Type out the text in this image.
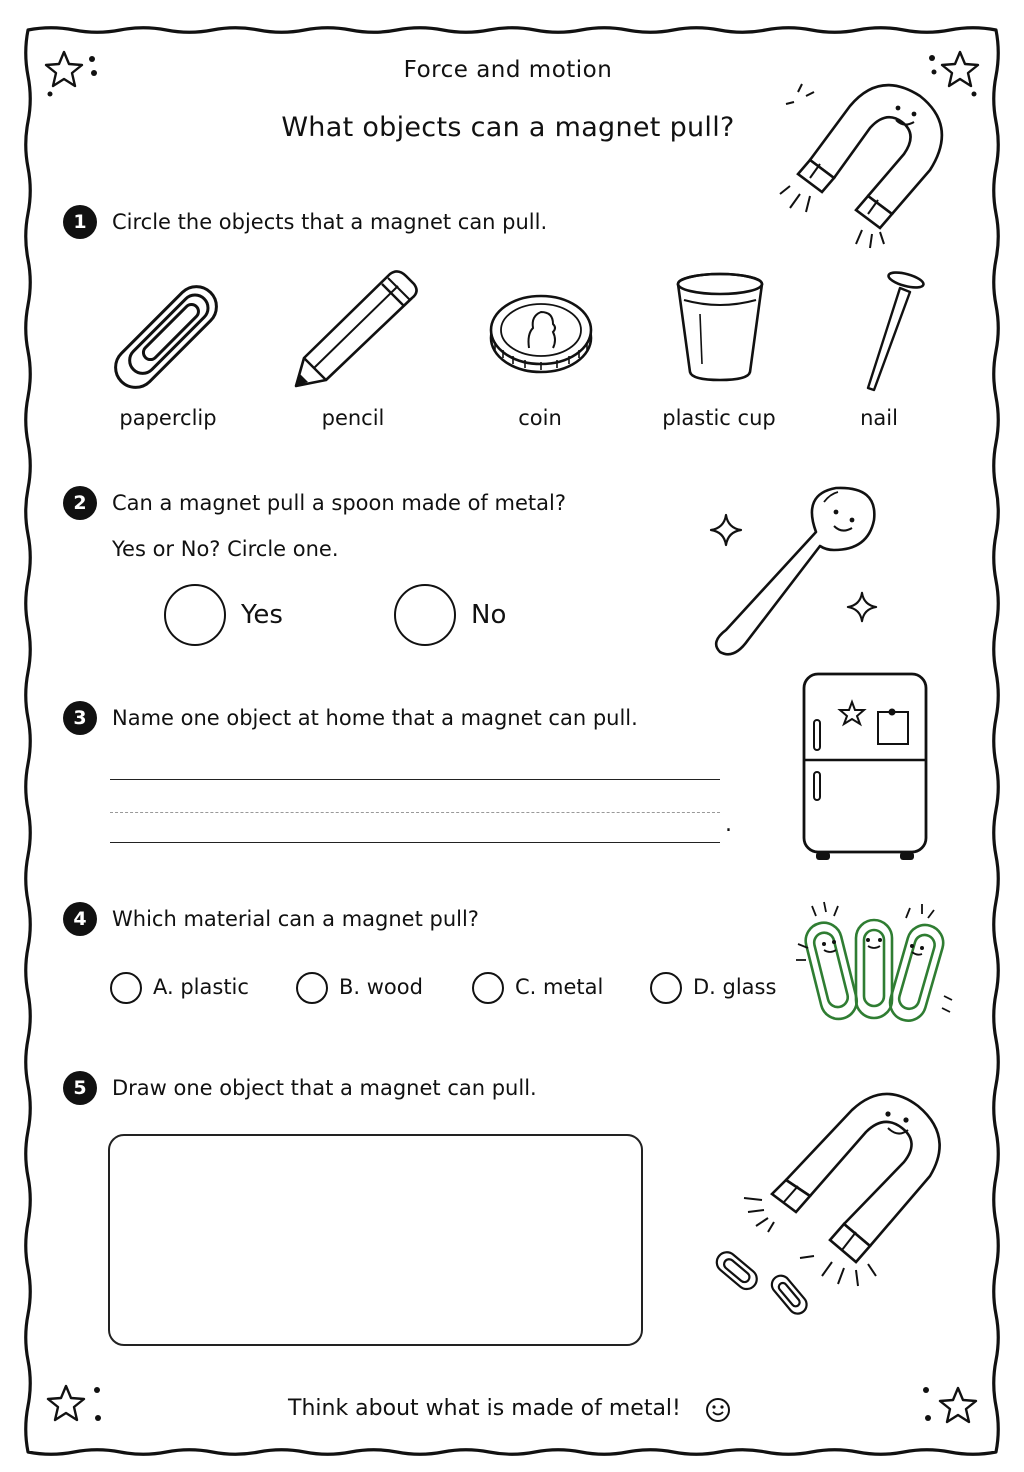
Force and motion
What objects can a magnet pull?
1	Circle the objects that a magnet can pull.
paperclip	pencil	coin	plastic cup	nail
2	Can a magnet pull a spoon made of metal?
Yes or No? Circle one.
Yes	No
3	Name one object at home that a magnet can pull.
.
4	Which material can a magnet pull?
A. plastic	B. wood	C. metal	D. glass
5	Draw one object that a magnet can pull.
Think about what is made of metal!
